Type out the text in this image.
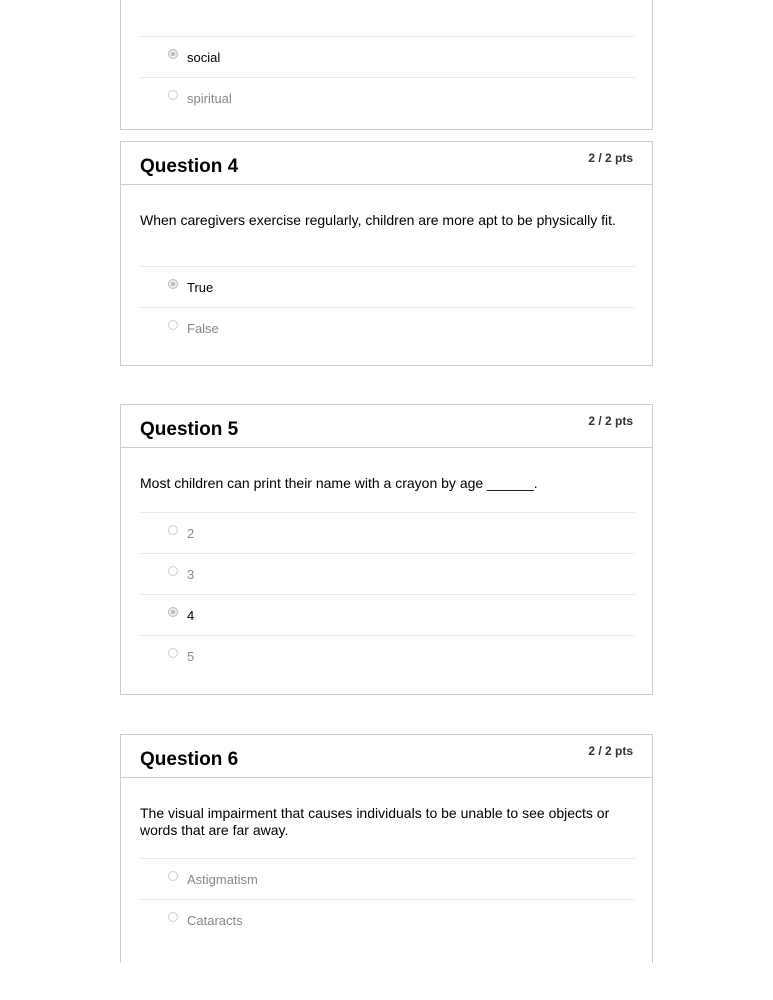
social
spiritual
Question 4	2 / 2 pts
When caregivers exercise regularly, children are more apt to be physically fit.
True
False
Question 5	2 / 2 pts
Most children can print their name with a crayon by age ______.
2
3
4
5
Question 6	2 / 2 pts
The visual impairment that causes individuals to be unable to see objects or words that are far away.
Astigmatism
Cataracts
